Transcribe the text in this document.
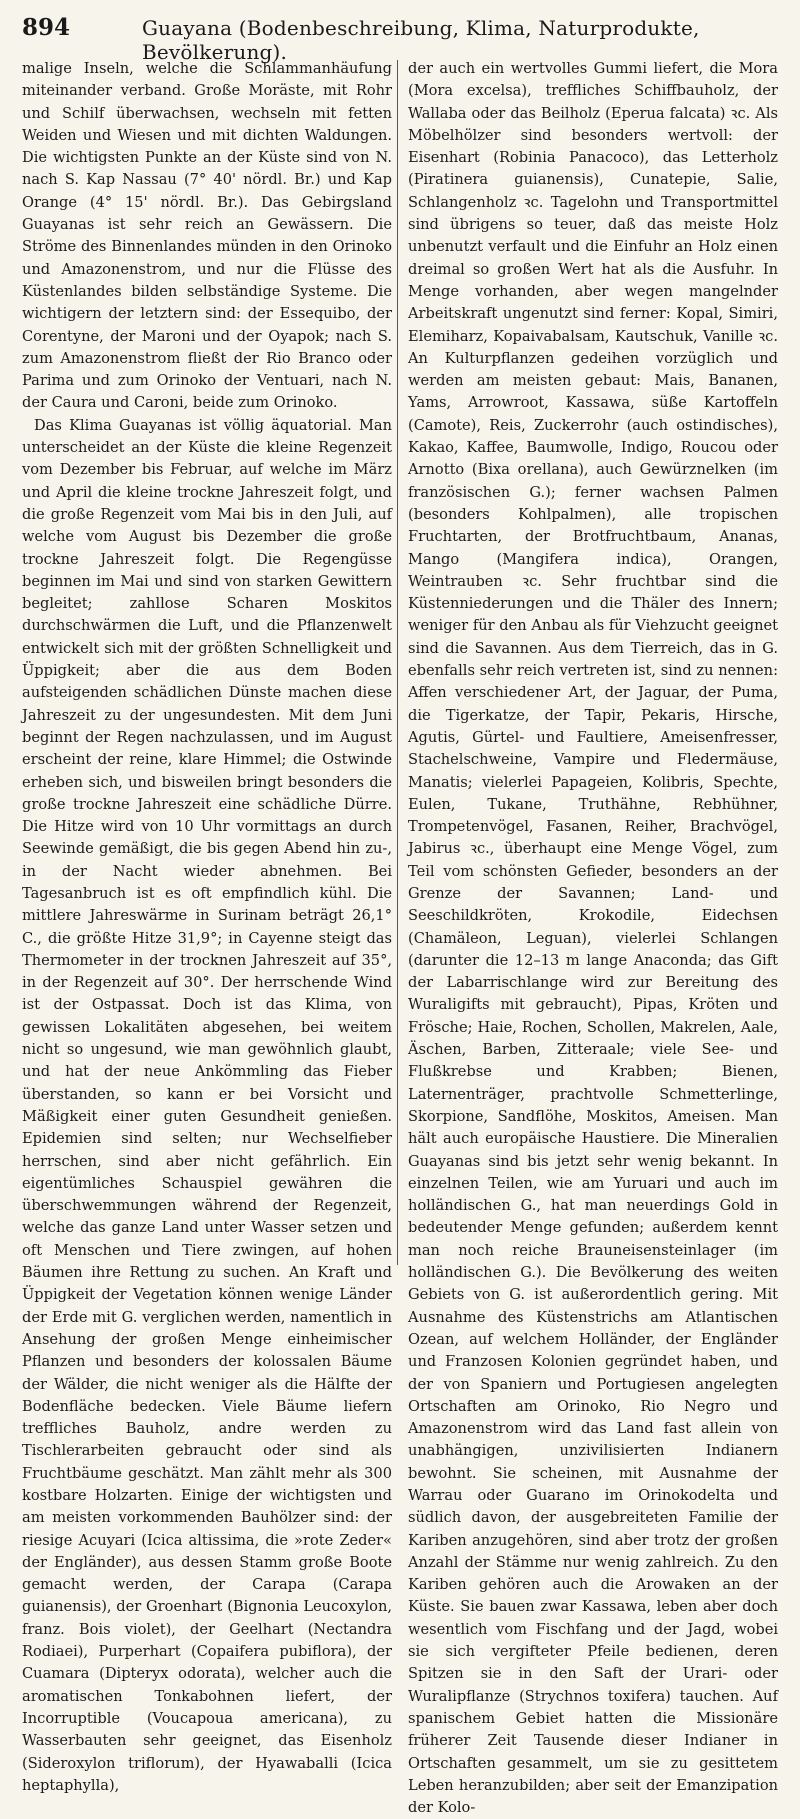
894	Guayana (Bodenbeschreibung, Klima, Naturprodukte, Bevölkerung).

malige Inseln, welche die Schlammanhäufung miteinander verband. Große Moräste, mit Rohr und Schilf überwachsen, wechseln mit fetten Weiden und Wiesen und mit dichten Waldungen. Die wichtigsten Punkte an der Küste sind von N. nach S. Kap Nassau (7° 40' nördl. Br.) und Kap Orange (4° 15' nördl. Br.). Das Gebirgsland Guayanas ist sehr reich an Gewässern. Die Ströme des Binnenlandes münden in den Orinoko und Amazonenstrom, und nur die Flüsse des Küstenlandes bilden selbständige Systeme. Die wichtigern der letztern sind: der Essequibo, der Corentyne, der Maroni und der Oyapok; nach S. zum Amazonenstrom fließt der Rio Branco oder Parima und zum Orinoko der Ventuari, nach N. der Caura und Caroni, beide zum Orinoko.

Das Klima Guayanas ist völlig äquatorial. Man unterscheidet an der Küste die kleine Regenzeit vom Dezember bis Februar, auf welche im März und April die kleine trockne Jahreszeit folgt, und die große Regenzeit vom Mai bis in den Juli, auf welche vom August bis Dezember die große trockne Jahreszeit folgt. Die Regengüsse beginnen im Mai und sind von starken Gewittern begleitet; zahllose Scharen Moskitos durchschwärmen die Luft, und die Pflanzenwelt entwickelt sich mit der größten Schnelligkeit und Üppigkeit; aber die aus dem Boden aufsteigenden schädlichen Dünste machen diese Jahreszeit zu der ungesundesten. Mit dem Juni beginnt der Regen nachzulassen, und im August erscheint der reine, klare Himmel; die Ostwinde erheben sich, und bisweilen bringt besonders die große trockne Jahreszeit eine schädliche Dürre. Die Hitze wird von 10 Uhr vormittags an durch Seewinde gemäßigt, die bis gegen Abend hin zu-, in der Nacht wieder abnehmen. Bei Tagesanbruch ist es oft empfindlich kühl. Die mittlere Jahreswärme in Surinam beträgt 26,1° C., die größte Hitze 31,9°; in Cayenne steigt das Thermometer in der trocknen Jahreszeit auf 35°, in der Regenzeit auf 30°. Der herrschende Wind ist der Ostpassat. Doch ist das Klima, von gewissen Lokalitäten abgesehen, bei weitem nicht so ungesund, wie man gewöhnlich glaubt, und hat der neue Ankömmling das Fieber überstanden, so kann er bei Vorsicht und Mäßigkeit einer guten Gesundheit genießen. Epidemien sind selten; nur Wechselfieber herrschen, sind aber nicht gefährlich. Ein eigentümliches Schauspiel gewähren die überschwemmungen während der Regenzeit, welche das ganze Land unter Wasser setzen und oft Menschen und Tiere zwingen, auf hohen Bäumen ihre Rettung zu suchen. An Kraft und Üppigkeit der Vegetation können wenige Länder der Erde mit G. verglichen werden, namentlich in Ansehung der großen Menge einheimischer Pflanzen und besonders der kolossalen Bäume der Wälder, die nicht weniger als die Hälfte der Bodenfläche bedecken. Viele Bäume liefern treffliches Bauholz, andre werden zu Tischlerarbeiten gebraucht oder sind als Fruchtbäume geschätzt. Man zählt mehr als 300 kostbare Holzarten. Einige der wichtigsten und am meisten vorkommenden Bauhölzer sind: der riesige Acuyari (Icica altissima, die »rote Zeder« der Engländer), aus dessen Stamm große Boote gemacht werden, der Carapa (Carapa guianensis), der Groenhart (Bignonia Leucoxylon, franz. Bois violet), der Geelhart (Nectandra Rodiaei), Purperhart (Copaifera pubiflora), der Cuamara (Dipteryx odorata), welcher auch die aromatischen Tonkabohnen liefert, der Incorruptible (Voucapoua americana), zu Wasserbauten sehr geeignet, das Eisenholz (Sideroxylon triflorum), der Hyawaballi (Icica heptaphylla),

der auch ein wertvolles Gummi liefert, die Mora (Mora excelsa), treffliches Schiffbauholz, der Wallaba oder das Beilholz (Eperua falcata) ꝛc. Als Möbelhölzer sind besonders wertvoll: der Eisenhart (Robinia Panacoco), das Letterholz (Piratinera guianensis), Cunatepie, Salie, Schlangenholz ꝛc. Tagelohn und Transportmittel sind übrigens so teuer, daß das meiste Holz unbenutzt verfault und die Einfuhr an Holz einen dreimal so großen Wert hat als die Ausfuhr. In Menge vorhanden, aber wegen mangelnder Arbeitskraft ungenutzt sind ferner: Kopal, Simiri, Elemiharz, Kopaivabalsam, Kautschuk, Vanille ꝛc. An Kulturpflanzen gedeihen vorzüglich und werden am meisten gebaut: Mais, Bananen, Yams, Arrowroot, Kassawa, süße Kartoffeln (Camote), Reis, Zuckerrohr (auch ostindisches), Kakao, Kaffee, Baumwolle, Indigo, Roucou oder Arnotto (Bixa orellana), auch Gewürznelken (im französischen G.); ferner wachsen Palmen (besonders Kohlpalmen), alle tropischen Fruchtarten, der Brotfruchtbaum, Ananas, Mango (Mangifera indica), Orangen, Weintrauben ꝛc. Sehr fruchtbar sind die Küstenniederungen und die Thäler des Innern; weniger für den Anbau als für Viehzucht geeignet sind die Savannen. Aus dem Tierreich, das in G. ebenfalls sehr reich vertreten ist, sind zu nennen: Affen verschiedener Art, der Jaguar, der Puma, die Tigerkatze, der Tapir, Pekaris, Hirsche, Agutis, Gürtel- und Faultiere, Ameisenfresser, Stachelschweine, Vampire und Fledermäuse, Manatis; vielerlei Papageien, Kolibris, Spechte, Eulen, Tukane, Truthähne, Rebhühner, Trompetenvögel, Fasanen, Reiher, Brachvögel, Jabirus ꝛc., überhaupt eine Menge Vögel, zum Teil vom schönsten Gefieder, besonders an der Grenze der Savannen; Land- und Seeschildkröten, Krokodile, Eidechsen (Chamäleon, Leguan), vielerlei Schlangen (darunter die 12–13 m lange Anaconda; das Gift der Labarrischlange wird zur Bereitung des Wuraligifts mit gebraucht), Pipas, Kröten und Frösche; Haie, Rochen, Schollen, Makrelen, Aale, Äschen, Barben, Zitteraale; viele See- und Flußkrebse und Krabben; Bienen, Laternenträger, prachtvolle Schmetterlinge, Skorpione, Sandflöhe, Moskitos, Ameisen. Man hält auch europäische Haustiere. Die Mineralien Guayanas sind bis jetzt sehr wenig bekannt. In einzelnen Teilen, wie am Yuruari und auch im holländischen G., hat man neuerdings Gold in bedeutender Menge gefunden; außerdem kennt man noch reiche Brauneisensteinlager (im holländischen G.). Die Bevölkerung des weiten Gebiets von G. ist außerordentlich gering. Mit Ausnahme des Küstenstrichs am Atlantischen Ozean, auf welchem Holländer, der Engländer und Franzosen Kolonien gegründet haben, und der von Spaniern und Portugiesen angelegten Ortschaften am Orinoko, Rio Negro und Amazonenstrom wird das Land fast allein von unabhängigen, unzivilisierten Indianern bewohnt. Sie scheinen, mit Ausnahme der Warrau oder Guarano im Orinokodelta und südlich davon, der ausgebreiteten Familie der Kariben anzugehören, sind aber trotz der großen Anzahl der Stämme nur wenig zahlreich. Zu den Kariben gehören auch die Arowaken an der Küste. Sie bauen zwar Kassawa, leben aber doch wesentlich vom Fischfang und der Jagd, wobei sie sich vergifteter Pfeile bedienen, deren Spitzen sie in den Saft der Urari- oder Wuralipflanze (Strychnos toxifera) tauchen. Auf spanischem Gebiet hatten die Missionäre früherer Zeit Tausende dieser Indianer in Ortschaften gesammelt, um sie zu gesittetem Leben heranzubilden; aber seit der Emanzipation der Kolo-
